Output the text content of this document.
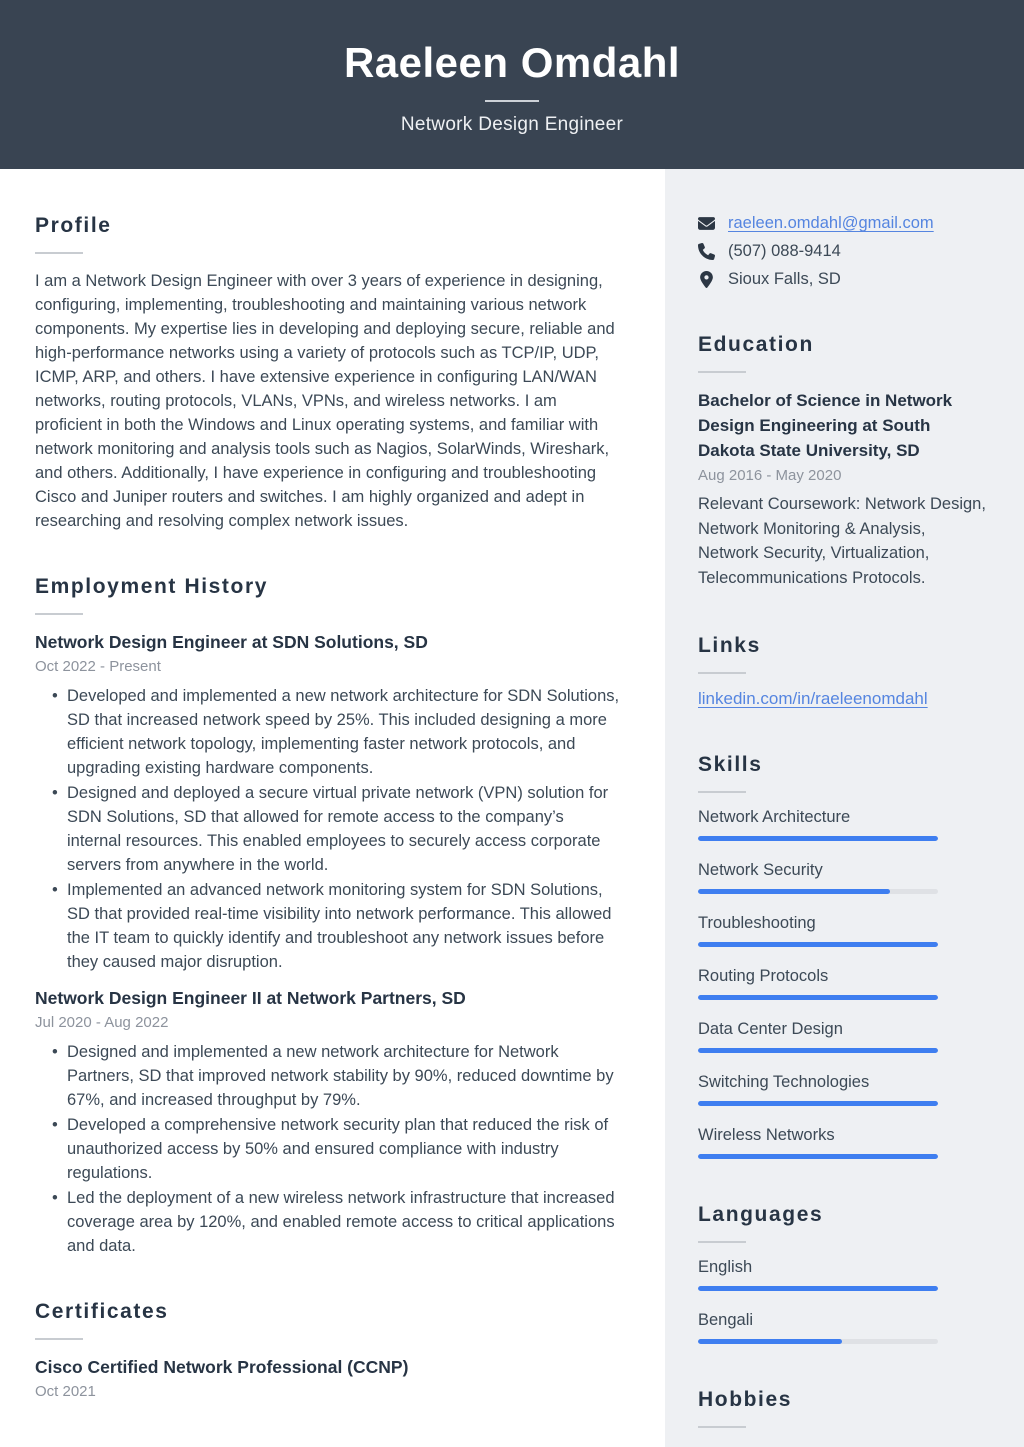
Raeleen Omdahl
Network Design Engineer
Profile

I am a Network Design Engineer with over 3 years of experience in designing, configuring, implementing, troubleshooting and maintaining various network components. My expertise lies in developing and deploying secure, reliable and high-performance networks using a variety of protocols such as TCP/IP, UDP, ICMP, ARP, and others. I have extensive experience in configuring LAN/WAN networks, routing protocols, VLANs, VPNs, and wireless networks. I am proficient in both the Windows and Linux operating systems, and familiar with network monitoring and analysis tools such as Nagios, SolarWinds, Wireshark, and others. Additionally, I have experience in configuring and troubleshooting Cisco and Juniper routers and switches. I am highly organized and adept in researching and resolving complex network issues.

Employment History
Network Design Engineer at SDN Solutions, SD
Oct 2022 - Present
• Developed and implemented a new network architecture for SDN Solutions, SD that increased network speed by 25%. This included designing a more efficient network topology, implementing faster network protocols, and upgrading existing hardware components.
• Designed and deployed a secure virtual private network (VPN) solution for SDN Solutions, SD that allowed for remote access to the company’s internal resources. This enabled employees to securely access corporate servers from anywhere in the world.
• Implemented an advanced network monitoring system for SDN Solutions, SD that provided real-time visibility into network performance. This allowed the IT team to quickly identify and troubleshoot any network issues before they caused major disruption.
Network Design Engineer II at Network Partners, SD
Jul 2020 - Aug 2022
• Designed and implemented a new network architecture for Network Partners, SD that improved network stability by 90%, reduced downtime by 67%, and increased throughput by 79%.
• Developed a comprehensive network security plan that reduced the risk of unauthorized access by 50% and ensured compliance with industry regulations.
• Led the deployment of a new wireless network infrastructure that increased coverage area by 120%, and enabled remote access to critical applications and data.
Certificates
Cisco Certified Network Professional (CCNP)
Oct 2021
raeleen.omdahl@gmail.com
(507) 088-9414
Sioux Falls, SD
Education
Bachelor of Science in Network Design Engineering at South Dakota State University, SD
Aug 2016 - May 2020

Relevant Coursework: Network Design, Network Monitoring & Analysis, Network Security, Virtualization, Telecommunications Protocols.

Links
linkedin.com/in/raeleenomdahl
Skills
Network Architecture
Network Security
Troubleshooting
Routing Protocols
Data Center Design
Switching Technologies
Wireless Networks
Languages
English
Bengali
Hobbies
